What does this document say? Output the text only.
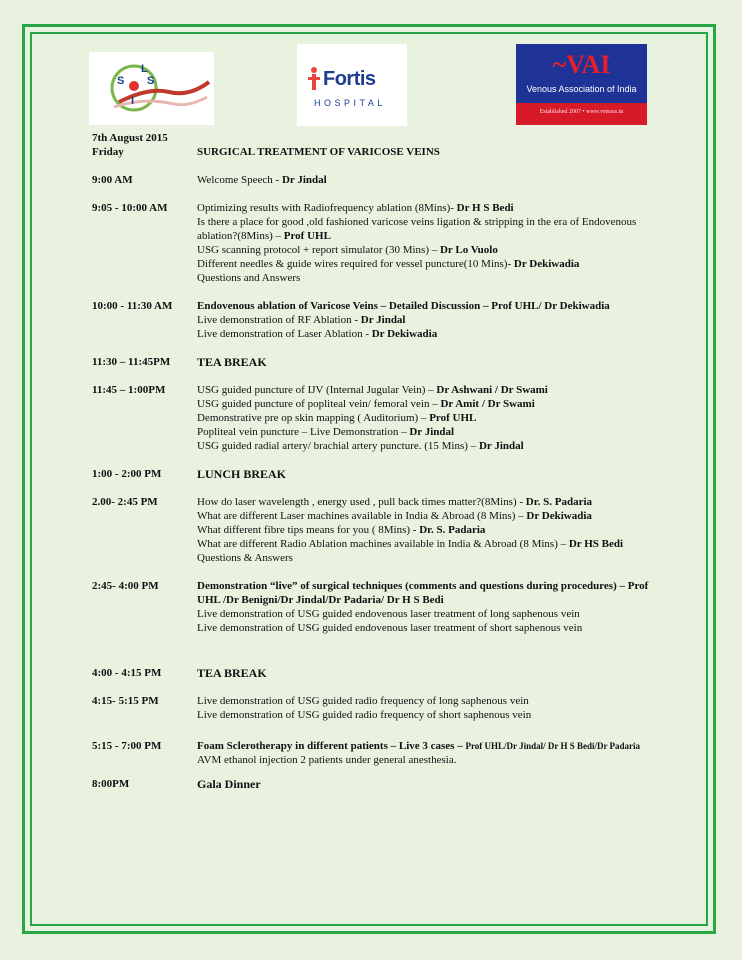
L
S S
I
Fortis
HOSPITAL
~VAI
Venous Association of India
Established 2007 • www.venous.in
7th August 2015
Friday	SURGICAL TREATMENT OF VARICOSE VEINS
9:00 AM	Welcome Speech - Dr Jindal
9:05 - 10:00 AM	Optimizing results with Radiofrequency ablation (8Mins)- Dr H S Bedi
Is there a place for good ,old fashioned varicose veins ligation & stripping in the era of Endovenous
ablation?(8Mins) – Prof UHL
USG scanning protocol + report simulator (30 Mins) – Dr Lo Vuolo
Different needles & guide wires required for vessel puncture(10 Mins)- Dr Dekiwadia
Questions and Answers
10:00 - 11:30 AM Endovenous ablation of Varicose Veins – Detailed Discussion – Prof UHL/ Dr Dekiwadia
Live demonstration of RF Ablation - Dr Jindal
Live demonstration of Laser Ablation - Dr Dekiwadia
11:30 – 11:45PM TEA BREAK
11:45 – 1:00PM	USG guided puncture of IJV (Internal Jugular Vein) – Dr Ashwani / Dr Swami
USG guided puncture of popliteal vein/ femoral vein – Dr Amit / Dr Swami
Demonstrative pre op skin mapping ( Auditorium) – Prof UHL
Popliteal vein puncture – Live Demonstration – Dr Jindal
USG guided radial artery/ brachial artery puncture. (15 Mins) – Dr Jindal
1:00 - 2:00 PM	LUNCH BREAK
2.00- 2:45 PM	How do laser wavelength , energy used , pull back times matter?(8Mins) - Dr. S. Padaria
What are different Laser machines available in India & Abroad (8 Mins) – Dr Dekiwadia
What different fibre tips means for you ( 8Mins) - Dr. S. Padaria
What are different Radio Ablation machines available in India & Abroad (8 Mins) – Dr HS Bedi
Questions & Answers
2:45- 4:00 PM	Demonstration “live” of surgical techniques (comments and questions during procedures) – Prof
UHL /Dr Benigni/Dr Jindal/Dr Padaria/ Dr H S Bedi
Live demonstration of USG guided endovenous laser treatment of long saphenous vein
Live demonstration of USG guided endovenous laser treatment of short saphenous vein
4:00 - 4:15 PM	TEA BREAK
4:15- 5:15 PM	Live demonstration of USG guided radio frequency of long saphenous vein
Live demonstration of USG guided radio frequency of short saphenous vein
5:15 - 7:00 PM	Foam Sclerotherapy in different patients – Live 3 cases – Prof UHL/Dr Jindal/ Dr H S Bedi/Dr Padaria
AVM ethanol injection 2 patients under general anesthesia.
8:00PM	Gala Dinner
